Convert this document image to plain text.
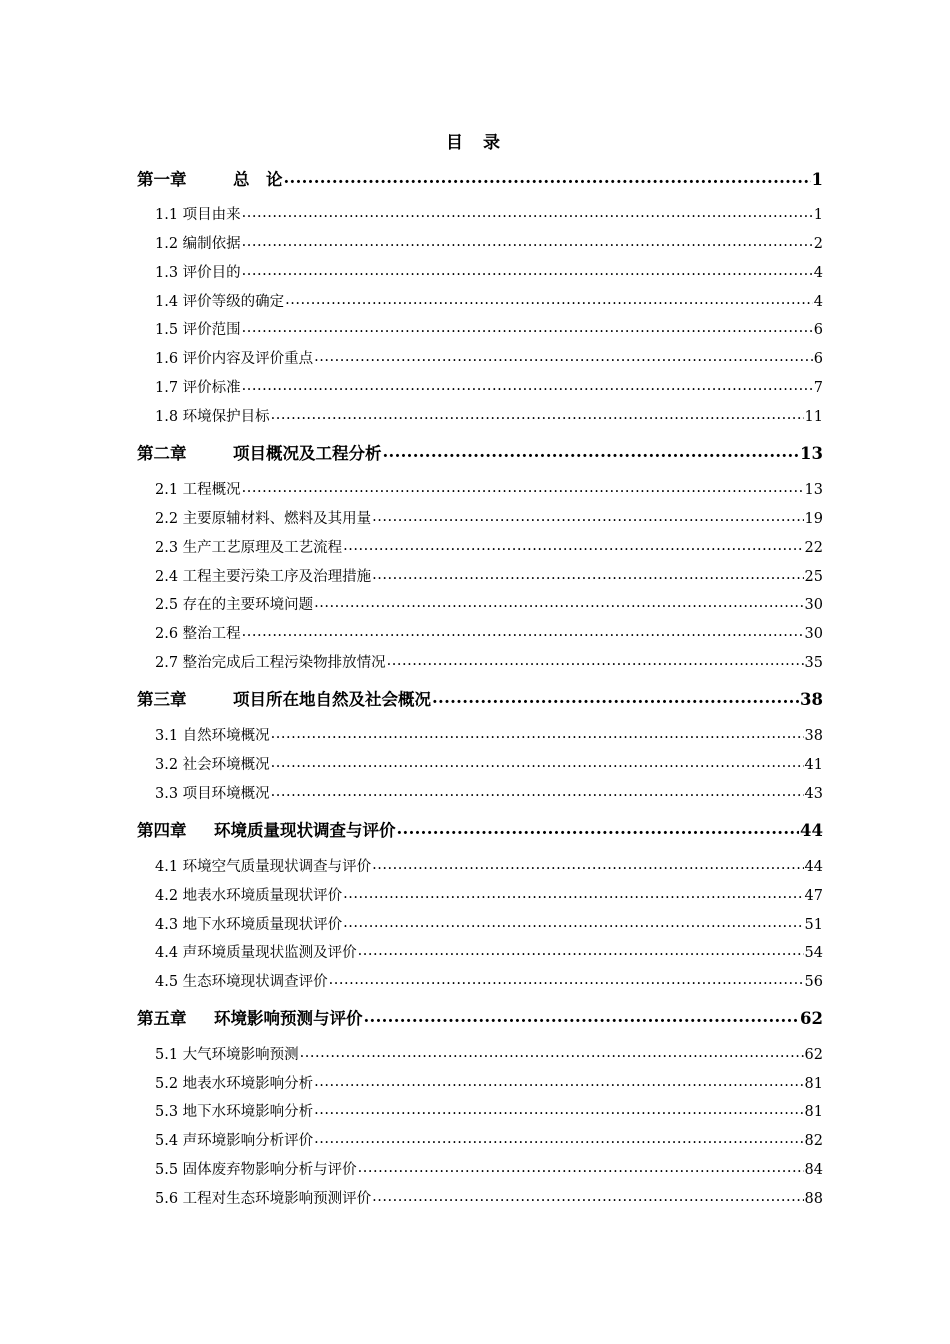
目录
第一章	总　论 .....	1
1.1 项目由来 .....	1
1.2 编制依据 .....	2
1.3 评价目的 .....	4
1.4 评价等级的确定 .....	4
1.5 评价范围 .....	6
1.6 评价内容及评价重点 .....	6
1.7 评价标准 .....	7
1.8 环境保护目标 .....	11
第二章	项目概况及工程分析 .....	13
2.1 工程概况 .....	13
2.2 主要原辅材料、燃料及其用量 .....	19
2.3 生产工艺原理及工艺流程 .....	22
2.4 工程主要污染工序及治理措施 .....	25
2.5 存在的主要环境问题 .....	30
2.6 整治工程 .....	30
2.7 整治完成后工程污染物排放情况 .....	35
第三章	项目所在地自然及社会概况 .....	38
3.1 自然环境概况 .....	38
3.2 社会环境概况 .....	41
3.3 项目环境概况 .....	43
第四章	环境质量现状调查与评价 .....	44
4.1 环境空气质量现状调查与评价 .....	44
4.2 地表水环境质量现状评价 .....	47
4.3 地下水环境质量现状评价 .....	51
4.4 声环境质量现状监测及评价 .....	54
4.5 生态环境现状调查评价 .....	56
第五章	环境影响预测与评价 .....	62
5.1 大气环境影响预测 .....	62
5.2 地表水环境影响分析 .....	81
5.3 地下水环境影响分析 .....	81
5.4 声环境影响分析评价 .....	82
5.5 固体废弃物影响分析与评价 .....	84
5.6 工程对生态环境影响预测评价 .....	88
